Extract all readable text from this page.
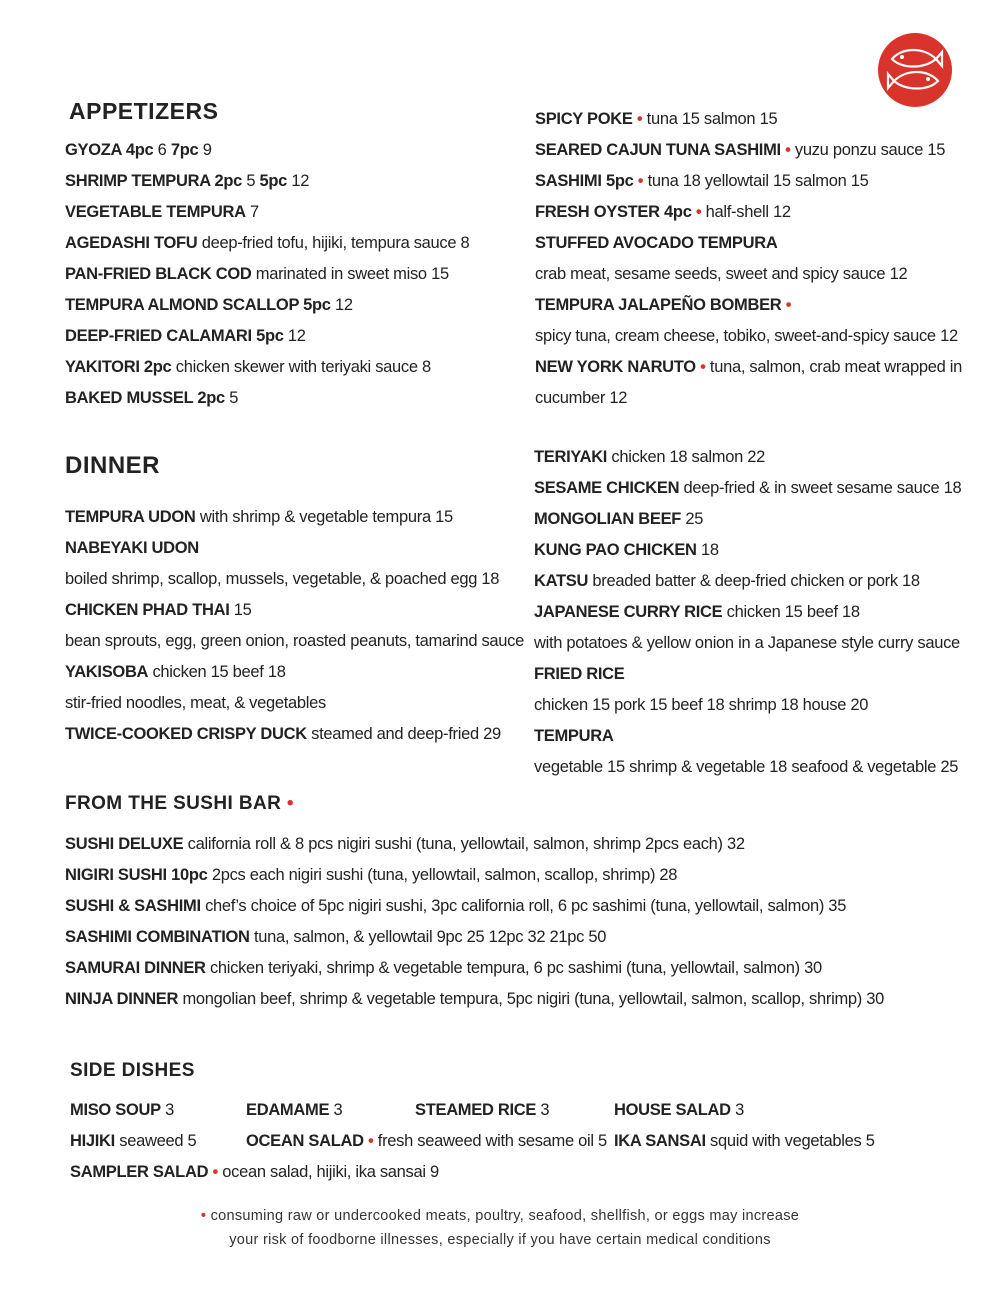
APPETIZERS
GYOZA 4pc 6 7pc 9
SHRIMP TEMPURA 2pc 5 5pc 12
VEGETABLE TEMPURA 7
AGEDASHI TOFU deep-fried tofu, hijiki, tempura sauce 8
PAN-FRIED BLACK COD marinated in sweet miso 15
TEMPURA ALMOND SCALLOP 5pc 12
DEEP-FRIED CALAMARI 5pc 12
YAKITORI 2pc chicken skewer with teriyaki sauce 8
BAKED MUSSEL 2pc 5
SPICY POKE • tuna 15 salmon 15
SEARED CAJUN TUNA SASHIMI • yuzu ponzu sauce 15
SASHIMI 5pc • tuna 18 yellowtail 15 salmon 15
FRESH OYSTER 4pc • half-shell 12
STUFFED AVOCADO TEMPURA
crab meat, sesame seeds, sweet and spicy sauce 12
TEMPURA JALAPEÑO BOMBER •
spicy tuna, cream cheese, tobiko, sweet-and-spicy sauce 12
NEW YORK NARUTO • tuna, salmon, crab meat wrapped in
cucumber 12
DINNER
TEMPURA UDON with shrimp & vegetable tempura 15
NABEYAKI UDON
boiled shrimp, scallop, mussels, vegetable, & poached egg 18
CHICKEN PHAD THAI 15
bean sprouts, egg, green onion, roasted peanuts, tamarind sauce
YAKISOBA chicken 15 beef 18
stir-fried noodles, meat, & vegetables
TWICE-COOKED CRISPY DUCK steamed and deep-fried 29
TERIYAKI chicken 18 salmon 22
SESAME CHICKEN deep-fried & in sweet sesame sauce 18
MONGOLIAN BEEF 25
KUNG PAO CHICKEN 18
KATSU breaded batter & deep-fried chicken or pork 18
JAPANESE CURRY RICE chicken 15 beef 18
with potatoes & yellow onion in a Japanese style curry sauce
FRIED RICE
chicken 15 pork 15 beef 18 shrimp 18 house 20
TEMPURA
vegetable 15 shrimp & vegetable 18 seafood & vegetable 25
FROM THE SUSHI BAR •
SUSHI DELUXE california roll & 8 pcs nigiri sushi (tuna, yellowtail, salmon, shrimp 2pcs each) 32
NIGIRI SUSHI 10pc 2pcs each nigiri sushi (tuna, yellowtail, salmon, scallop, shrimp) 28
SUSHI & SASHIMI chef’s choice of 5pc nigiri sushi, 3pc california roll, 6 pc sashimi (tuna, yellowtail, salmon) 35
SASHIMI COMBINATION tuna, salmon, & yellowtail 9pc 25 12pc 32 21pc 50
SAMURAI DINNER chicken teriyaki, shrimp & vegetable tempura, 6 pc sashimi (tuna, yellowtail, salmon) 30
NINJA DINNER mongolian beef, shrimp & vegetable tempura, 5pc nigiri (tuna, yellowtail, salmon, scallop, shrimp) 30
SIDE DISHES
MISO SOUP 3	EDAMAME 3	STEAMED RICE 3	HOUSE SALAD 3
HIJIKI seaweed 5	OCEAN SALAD • fresh seaweed with sesame oil 5 IKA SANSAI squid with vegetables 5
SAMPLER SALAD • ocean salad, hijiki, ika sansai 9
• consuming raw or undercooked meats, poultry, seafood, shellfish, or eggs may increase
your risk of foodborne illnesses, especially if you have certain medical conditions
